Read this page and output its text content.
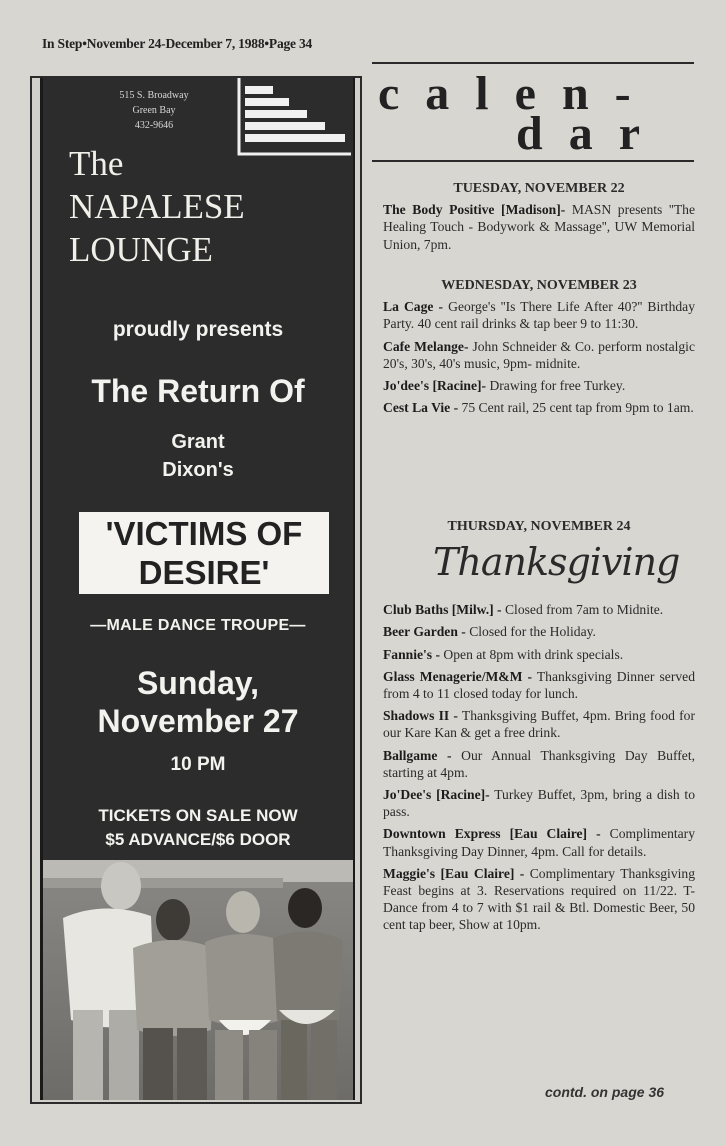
In Step•November 24-December 7, 1988•Page 34
515 S. Broadway
Green Bay
432-9646
The
NAPALESE
LOUNGE
proudly presents
The Return Of
Grant
Dixon's
'VICTIMS OF
DESIRE'
—MALE DANCE TROUPE—
Sunday,
November 27
10 PM
TICKETS ON SALE NOW
$5 ADVANCE/$6 DOOR
calen-
dar
TUESDAY, NOVEMBER 22
The Body Positive [Madison]- MASN presents ''The Healing Touch - Bodywork & Massage'', UW Memorial Union, 7pm.
WEDNESDAY, NOVEMBER 23
La Cage - George's ''Is There Life After 40?'' Birthday Party. 40 cent rail drinks & tap beer 9 to 11:30.
Cafe Melange- John Schneider & Co. perform nostalgic 20's, 30's, 40's music, 9pm- midnite.
Jo'dee's [Racine]- Drawing for free Turkey.
Cest La Vie - 75 Cent rail, 25 cent tap from 9pm to 1am.
THURSDAY, NOVEMBER 24
Thanksgiving
Club Baths [Milw.] - Closed from 7am to Midnite.
Beer Garden - Closed for the Holiday.
Fannie's - Open at 8pm with drink specials.
Glass Menagerie/M&M - Thanksgiving Dinner served from 4 to 11 closed today for lunch.
Shadows II - Thanksgiving Buffet, 4pm. Bring food for our Kare Kan & get a free drink.
Ballgame - Our Annual Thanksgiving Day Buffet, starting at 4pm.
Jo'Dee's [Racine]- Turkey Buffet, 3pm, bring a dish to pass.
Downtown Express [Eau Claire] - Complimentary Thanksgiving Day Dinner, 4pm. Call for details.
Maggie's [Eau Claire] - Complimentary Thanksgiving Feast begins at 3. Reservations required on 11/22. T-Dance from 4 to 7 with $1 rail & Btl. Domestic Beer, 50 cent tap beer, Show at 10pm.
contd. on page 36
